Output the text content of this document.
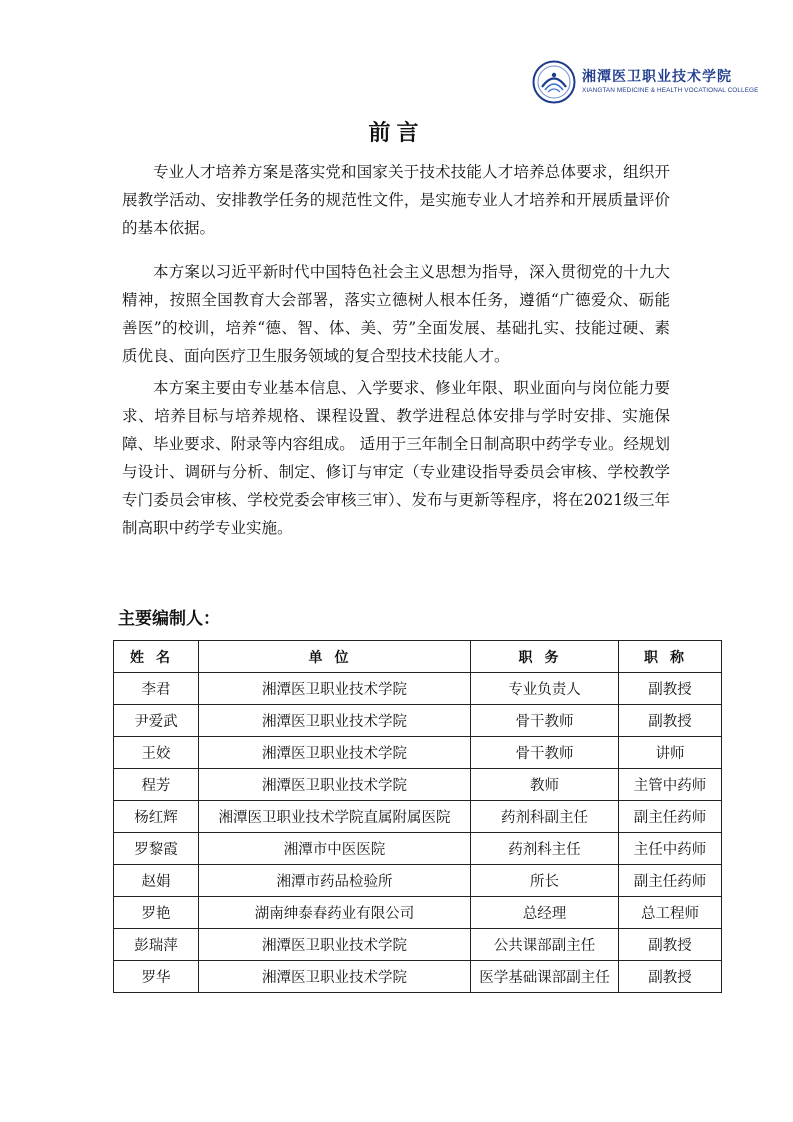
湘潭医卫职业技术学院
XIANGTAN MEDICINE & HEALTH VOCATIONAL COLLEGE
前言

专业人才培养方案是落实党和国家关于技术技能人才培养总体要求，组织开展教学活动、安排教学任务的规范性文件，是实施专业人才培养和开展质量评价的基本依据。

本方案以习近平新时代中国特色社会主义思想为指导，深入贯彻党的十九大精神，按照全国教育大会部署，落实立德树人根本任务，遵循“广德爱众、砺能善医”的校训，培养“德、智、体、美、劳”全面发展、基础扎实、技能过硬、素质优良、面向医疗卫生服务领域的复合型技术技能人才。

本方案主要由专业基本信息、入学要求、修业年限、职业面向与岗位能力要求、培养目标与培养规格、课程设置、教学进程总体安排与学时安排、实施保障、毕业要求、附录等内容组成。 适用于三年制全日制高职中药学专业。经规划与设计、调研与分析、制定、修订与审定（专业建设指导委员会审核、学校教学专门委员会审核、学校党委会审核三审）、发布与更新等程序，将在2021级三年制高职中药学专业实施。

主要编制人：
姓名	单位	职务	职称
李君	湘潭医卫职业技术学院	专业负责人	副教授
尹爱武	湘潭医卫职业技术学院	骨干教师	副教授
王姣	湘潭医卫职业技术学院	骨干教师	讲师
程芳	湘潭医卫职业技术学院	教师	主管中药师
杨红辉	湘潭医卫职业技术学院直属附属医院	药剂科副主任	副主任药师
罗黎霞	湘潭市中医医院	药剂科主任	主任中药师
赵娟	湘潭市药品检验所	所长	副主任药师
罗艳	湖南绅泰春药业有限公司	总经理	总工程师
彭瑞萍	湘潭医卫职业技术学院	公共课部副主任	副教授
罗华	湘潭医卫职业技术学院	医学基础课部副主任	副教授
